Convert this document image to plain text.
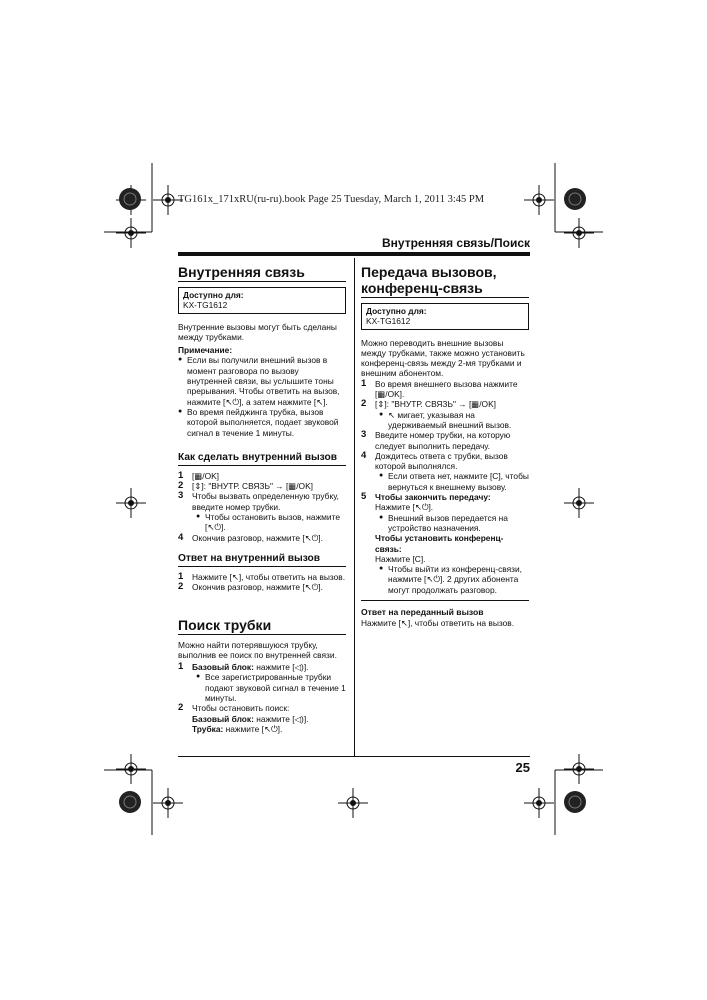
TG161x_171xRU(ru-ru).book Page 25 Tuesday, March 1, 2011 3:45 PM
Внутренняя связь/Поиск
25
Внутренняя связь
Доступно для:
KX-TG1612
Внутренние вызовы могут быть сделаны между трубками.
Примечание:
● Если вы получили внешний вызов в момент разговора по вызову внутренней связи, вы услышите тоны прерывания. Чтобы ответить на вызов, нажмите [↖⏻], а затем нажмите [↖].
● Во время пейджинга трубка, вызов которой выполняется, подает звуковой сигнал в течение 1 минуты.
Как сделать внутренний вызов
1 [▦/OK]
2 [⇕]: "ВНУТР. СВЯЗЬ" → [▦/OK]
3 Чтобы вызвать определенную трубку, введите номер трубки.
● Чтобы остановить вызов, нажмите [↖⏻].
4 Окончив разговор, нажмите [↖⏻].
Ответ на внутренний вызов
1 Нажмите [↖], чтобы ответить на вызов.
2 Окончив разговор, нажмите [↖⏻].
Поиск трубки
Можно найти потерявшуюся трубку, выполнив ее поиск по внутренней связи.
1 Базовый блок: нажмите [◁)].
● Все зарегистрированные трубки подают звуковой сигнал в течение 1 минуты.
2 Чтобы остановить поиск:
Базовый блок: нажмите [◁)].
Трубка: нажмите [↖⏻].
Передача вызовов,
конференц-связь
Доступно для:
KX-TG1612
Можно переводить внешние вызовы между трубками, также можно установить конференц-связь между 2-мя трубками и внешним абонентом.
1 Во время внешнего вызова нажмите [▦/OK].
2 [⇕]: "ВНУТР. СВЯЗЬ" → [▦/OK]
● ↖ мигает, указывая на удерживаемый внешний вызов.
3 Введите номер трубки, на которую следует выполнить передачу.
4 Дождитесь ответа с трубки, вызов которой выполнялся.
● Если ответа нет, нажмите [C], чтобы вернуться к внешнему вызову.
5 Чтобы закончить передачу:
Нажмите [↖⏻].
● Внешний вызов передается на устройство назначения.
Чтобы установить конференц-связь:
Нажмите [C].
● Чтобы выйти из конференц-связи, нажмите [↖⏻]. 2 других абонента могут продолжать разговор.
Ответ на переданный вызов
Нажмите [↖], чтобы ответить на вызов.
